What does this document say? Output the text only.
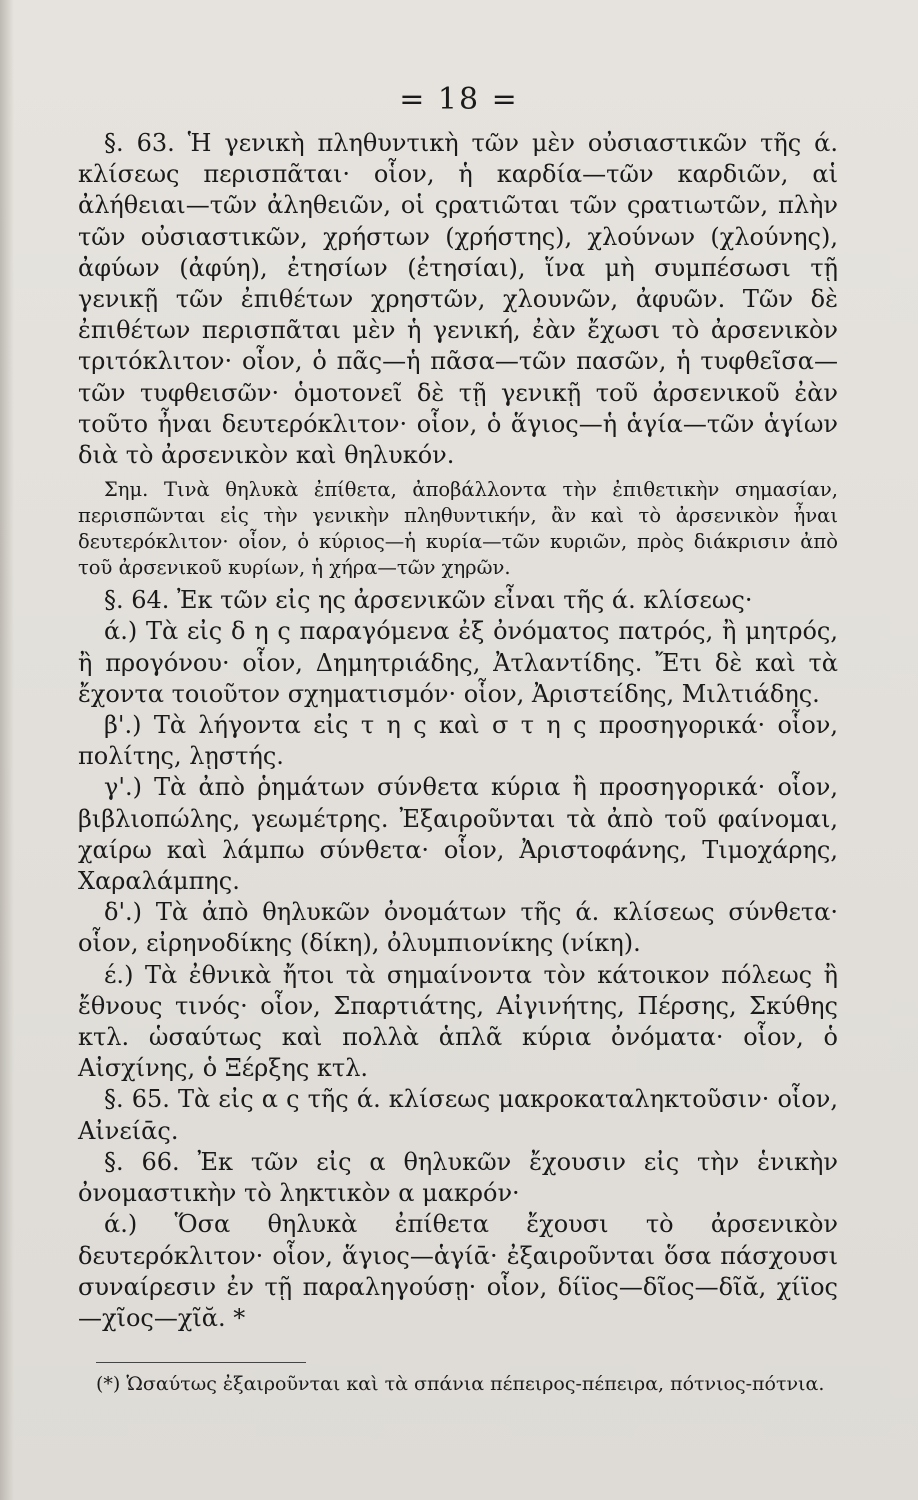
= 18 =

§. 63. Ἡ γενικὴ πληθυντικὴ τῶν μὲν οὐσιαστικῶν τῆς ά. κλίσεως περισπᾶται· οἷον, ἡ καρδία—τῶν καρδιῶν, αἱ ἀλήθειαι—τῶν ἀληθειῶν, οἱ ςρατιῶται τῶν ςρατιωτῶν, πλὴν τῶν οὐσιαστικῶν, χρήστων (χρήστης), χλούνων (χλούνης), ἀφύων (ἀφύη), ἐτησίων (ἐτησίαι), ἵνα μὴ συμπέσωσι τῇ γενικῇ τῶν ἐπιθέτων χρηστῶν, χλουνῶν, ἀφυῶν. Τῶν δὲ ἐπιθέτων περισπᾶται μὲν ἡ γενική, ἐὰν ἔχωσι τὸ ἀρσενικὸν τριτόκλιτον· οἷον, ὁ πᾶς—ἡ πᾶσα—τῶν πασῶν, ἡ τυφθεῖσα—τῶν τυφθεισῶν· ὁμοτονεῖ δὲ τῇ γενικῇ τοῦ ἀρσενικοῦ ἐὰν τοῦτο ἦναι δευτερόκλιτον· οἷον, ὁ ἅγιος—ἡ ἁγία—τῶν ἁγίων διὰ τὸ ἀρσενικὸν καὶ θηλυκόν.

Σημ. Τινὰ θηλυκὰ ἐπίθετα, ἀποβάλλοντα τὴν ἐπιθετικὴν σημασίαν, περισπῶνται εἰς τὴν γενικὴν πληθυντικήν, ἂν καὶ τὸ ἀρσενικὸν ἦναι δευτερόκλιτον· οἷον, ὁ κύριος—ἡ κυρία—τῶν κυριῶν, πρὸς διάκρισιν ἀπὸ τοῦ ἀρσενικοῦ κυρίων, ἡ χήρα—τῶν χηρῶν.

§. 64. Ἐκ τῶν εἰς ης ἀρσενικῶν εἶναι τῆς ά. κλίσεως·

ά.) Τὰ εἰς δ η ς παραγόμενα ἐξ ὀνόματος πατρός, ἢ μητρός, ἢ προγόνου· οἷον, Δημητριάδης, Ἀτλαντίδης. Ἔτι δὲ καὶ τὰ ἔχοντα τοιοῦτον σχηματισμόν· οἷον, Ἀριστείδης, Μιλτιάδης.

β'.) Τὰ λήγοντα εἰς τ η ς καὶ σ τ η ς προσηγορικά· οἷον, πολίτης, λῃστής.

γ'.) Τὰ ἀπὸ ῥημάτων σύνθετα κύρια ἢ προσηγορικά· οἷον, βιβλιοπώλης, γεωμέτρης. Ἐξαιροῦνται τὰ ἀπὸ τοῦ φαίνομαι, χαίρω καὶ λάμπω σύνθετα· οἷον, Ἀριστοφάνης, Τιμοχάρης, Χαραλάμπης.

δ'.) Τὰ ἀπὸ θηλυκῶν ὀνομάτων τῆς ά. κλίσεως σύνθετα· οἷον, εἰρηνοδίκης (δίκη), ὀλυμπιονίκης (νίκη).

έ.) Τὰ ἐθνικὰ ἤτοι τὰ σημαίνοντα τὸν κάτοικον πόλεως ἢ ἔθνους τινός· οἷον, Σπαρτιάτης, Αἰγινήτης, Πέρσης, Σκύθης κτλ. ὡσαύτως καὶ πολλὰ ἁπλᾶ κύρια ὀνόματα· οἷον, ὁ Αἰσχίνης, ὁ Ξέρξης κτλ.

§. 65. Τὰ εἰς α ς τῆς ά. κλίσεως μακροκαταληκτοῦσιν· οἷον, Αἰνείᾱς.

§. 66. Ἐκ τῶν εἰς α θηλυκῶν ἔχουσιν εἰς τὴν ἑνικὴν ὀνομαστικὴν τὸ ληκτικὸν α μακρόν·

ά.) Ὅσα θηλυκὰ ἐπίθετα ἔχουσι τὸ ἀρσενικὸν δευτερόκλιτον· οἷον, ἅγιος—ἁγίᾱ· ἐξαιροῦνται ὅσα πάσχουσι συναίρεσιν ἐν τῇ παραληγούσῃ· οἷον, δίϊος—δῖος—δῖᾰ, χίϊος—χῖος—χῖᾰ. *

(*) Ὡσαύτως ἐξαιροῦνται καὶ τὰ σπάνια πέπειρος-πέπειρα, πότνιος-πότνια.
